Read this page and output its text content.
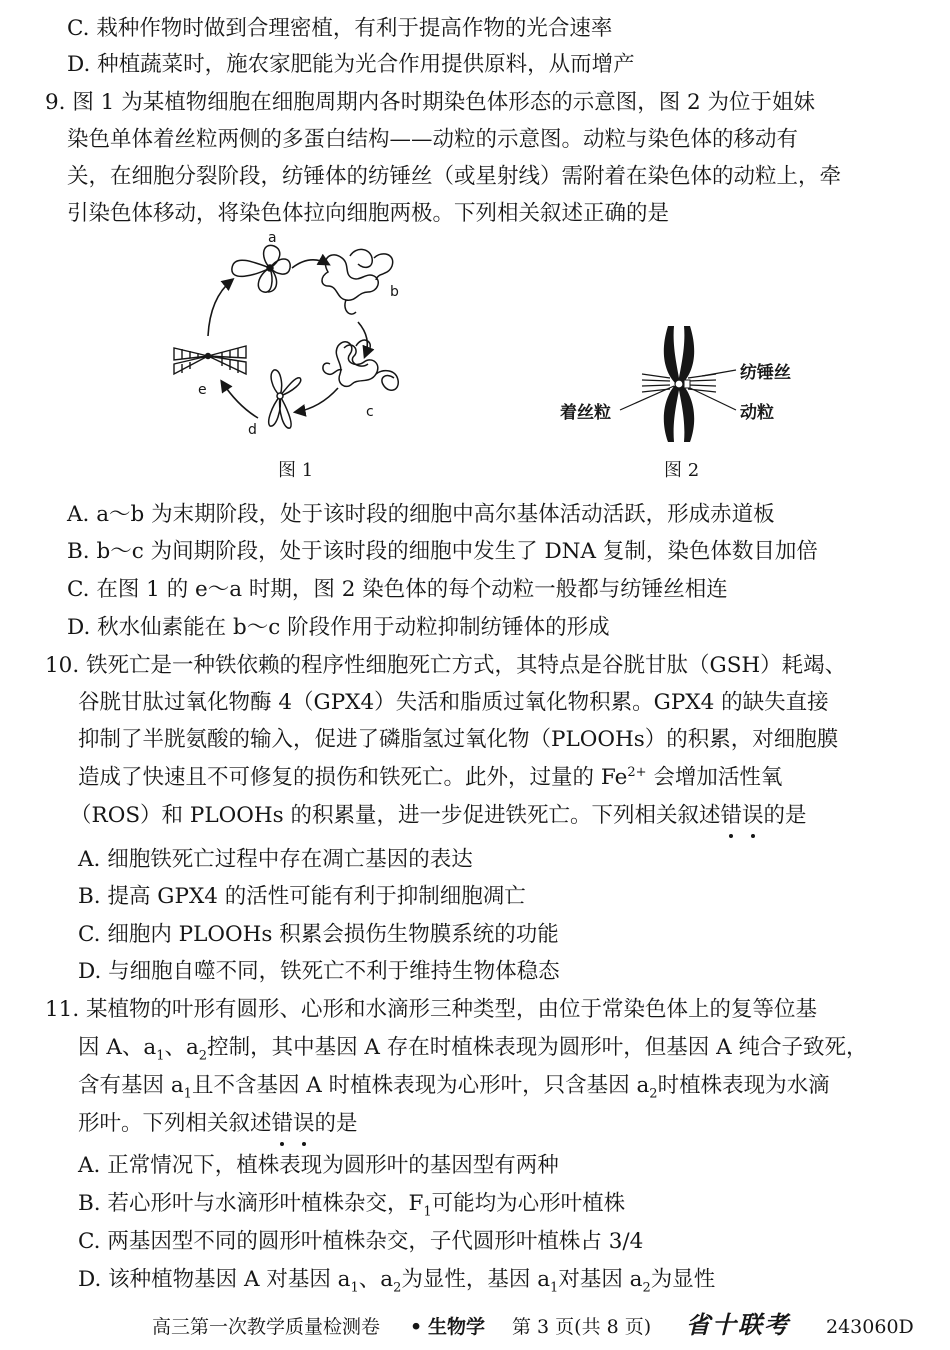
C. 栽种作物时做到合理密植，有利于提高作物的光合速率
D. 种植蔬菜时，施农家肥能为光合作用提供原料，从而增产
9. 图 1 为某植物细胞在细胞周期内各时期染色体形态的示意图，图 2 为位于姐妹
染色单体着丝粒两侧的多蛋白结构——动粒的示意图。动粒与染色体的移动有
关，在细胞分裂阶段，纺锤体的纺锤丝（或星射线）需附着在染色体的动粒上，牵
引染色体移动，将染色体拉向细胞两极。下列相关叙述正确的是
a
b
c
d
e
图 1
纺锤丝
动粒
着丝粒
图 2
A. a～b 为末期阶段，处于该时段的细胞中高尔基体活动活跃，形成赤道板
B. b～c 为间期阶段，处于该时段的细胞中发生了 DNA 复制，染色体数目加倍
C. 在图 1 的 e～a 时期，图 2 染色体的每个动粒一般都与纺锤丝相连
D. 秋水仙素能在 b～c 阶段作用于动粒抑制纺锤体的形成
10. 铁死亡是一种铁依赖的程序性细胞死亡方式，其特点是谷胱甘肽（GSH）耗竭、
谷胱甘肽过氧化物酶 4（GPX4）失活和脂质过氧化物积累。GPX4 的缺失直接
抑制了半胱氨酸的输入，促进了磷脂氢过氧化物（PLOOHs）的积累，对细胞膜
造成了快速且不可修复的损伤和铁死亡。此外，过量的 $Fe^{2+}$ 会增加活性氧
（ROS）和 PLOOHs 的积累量，进一步促进铁死亡。下列相关叙述错误的是
A. 细胞铁死亡过程中存在凋亡基因的表达
B. 提高 GPX4 的活性可能有利于抑制细胞凋亡
C. 细胞内 PLOOHs 积累会损伤生物膜系统的功能
D. 与细胞自噬不同，铁死亡不利于维持生物体稳态
11. 某植物的叶形有圆形、心形和水滴形三种类型，由位于常染色体上的复等位基
因 A、$a_1$、$a_2$控制，其中基因 A 存在时植株表现为圆形叶，但基因 A 纯合子致死，
含有基因 $a_1$且不含基因 A 时植株表现为心形叶，只含基因 $a_2$时植株表现为水滴
形叶。下列相关叙述错误的是
A. 正常情况下，植株表现为圆形叶的基因型有两种
B. 若心形叶与水滴形叶植株杂交，$F_1$可能均为心形叶植株
C. 两基因型不同的圆形叶植株杂交，子代圆形叶植株占 3/4
D. 该种植物基因 A 对基因 $a_1$、$a_2$为显性，基因 $a_1$对基因 $a_2$为显性
高三第一次教学质量检测卷 • 生物学 第 3 页(共 8 页) 省十联考 243060D
